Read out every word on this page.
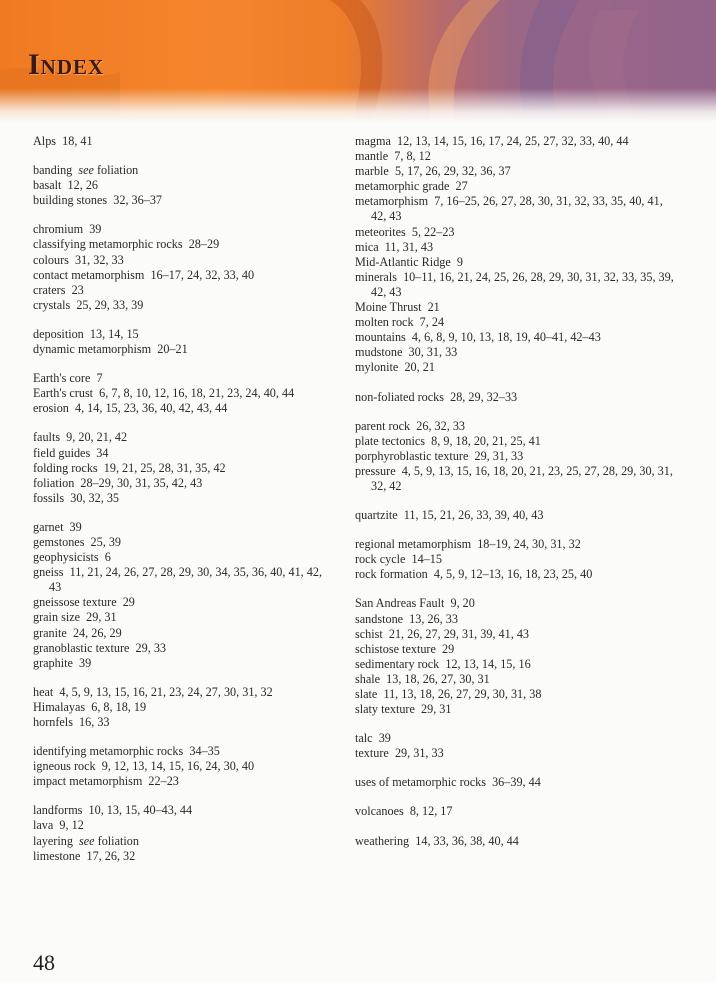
Index
Alps 18, 41
banding see foliation
basalt 12, 26
building stones 32, 36–37
chromium 39
classifying metamorphic rocks 28–29
colours 31, 32, 33
contact metamorphism 16–17, 24, 32, 33, 40
craters 23
crystals 25, 29, 33, 39
deposition 13, 14, 15
dynamic metamorphism 20–21
Earth's core 7
Earth's crust 6, 7, 8, 10, 12, 16, 18, 21, 23, 24, 40, 44
erosion 4, 14, 15, 23, 36, 40, 42, 43, 44
faults 9, 20, 21, 42
field guides 34
folding rocks 19, 21, 25, 28, 31, 35, 42
foliation 28–29, 30, 31, 35, 42, 43
fossils 30, 32, 35
garnet 39
gemstones 25, 39
geophysicists 6
gneiss 11, 21, 24, 26, 27, 28, 29, 30, 34, 35, 36, 40, 41, 42, 43
gneissose texture 29
grain size 29, 31
granite 24, 26, 29
granoblastic texture 29, 33
graphite 39
heat 4, 5, 9, 13, 15, 16, 21, 23, 24, 27, 30, 31, 32
Himalayas 6, 8, 18, 19
hornfels 16, 33
identifying metamorphic rocks 34–35
igneous rock 9, 12, 13, 14, 15, 16, 24, 30, 40
impact metamorphism 22–23
landforms 10, 13, 15, 40–43, 44
lava 9, 12
layering see foliation
limestone 17, 26, 32
magma 12, 13, 14, 15, 16, 17, 24, 25, 27, 32, 33, 40, 44
mantle 7, 8, 12
marble 5, 17, 26, 29, 32, 36, 37
metamorphic grade 27
metamorphism 7, 16–25, 26, 27, 28, 30, 31, 32, 33, 35, 40, 41, 42, 43
meteorites 5, 22–23
mica 11, 31, 43
Mid-Atlantic Ridge 9
minerals 10–11, 16, 21, 24, 25, 26, 28, 29, 30, 31, 32, 33, 35, 39, 42, 43
Moine Thrust 21
molten rock 7, 24
mountains 4, 6, 8, 9, 10, 13, 18, 19, 40–41, 42–43
mudstone 30, 31, 33
mylonite 20, 21
non-foliated rocks 28, 29, 32–33
parent rock 26, 32, 33
plate tectonics 8, 9, 18, 20, 21, 25, 41
porphyroblastic texture 29, 31, 33
pressure 4, 5, 9, 13, 15, 16, 18, 20, 21, 23, 25, 27, 28, 29, 30, 31, 32, 42
quartzite 11, 15, 21, 26, 33, 39, 40, 43
regional metamorphism 18–19, 24, 30, 31, 32
rock cycle 14–15
rock formation 4, 5, 9, 12–13, 16, 18, 23, 25, 40
San Andreas Fault 9, 20
sandstone 13, 26, 33
schist 21, 26, 27, 29, 31, 39, 41, 43
schistose texture 29
sedimentary rock 12, 13, 14, 15, 16
shale 13, 18, 26, 27, 30, 31
slate 11, 13, 18, 26, 27, 29, 30, 31, 38
slaty texture 29, 31
talc 39
texture 29, 31, 33
uses of metamorphic rocks 36–39, 44
volcanoes 8, 12, 17
weathering 14, 33, 36, 38, 40, 44

48
